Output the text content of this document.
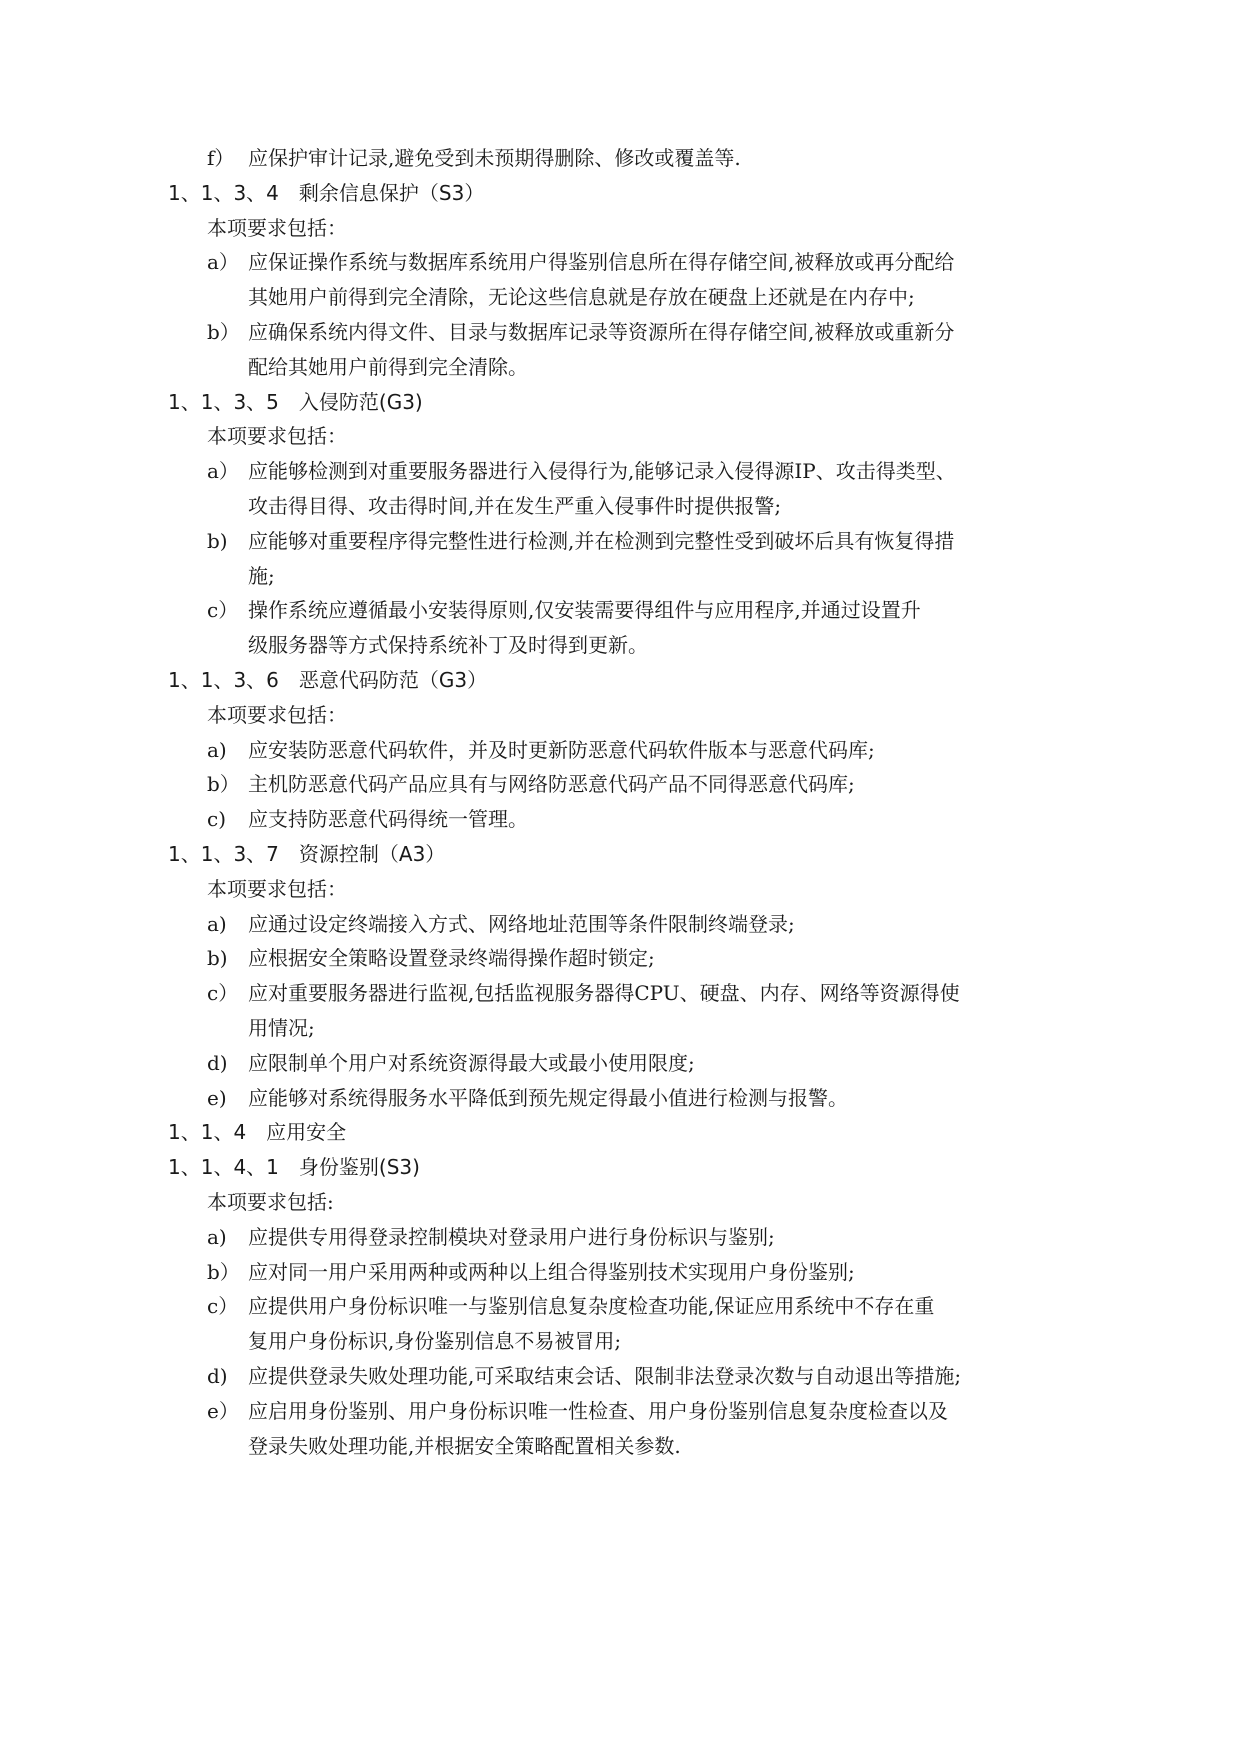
f） 应保护审计记录,避免受到未预期得删除、修改或覆盖等.
1、1、3、4　剩余信息保护（S3）
本项要求包括：
a） 应保证操作系统与数据库系统用户得鉴别信息所在得存储空间,被释放或再分配给
其她用户前得到完全清除，无论这些信息就是存放在硬盘上还就是在内存中;
b） 应确保系统内得文件、目录与数据库记录等资源所在得存储空间,被释放或重新分
配给其她用户前得到完全清除。
1、1、3、5　入侵防范(G3)
本项要求包括：
a） 应能够检测到对重要服务器进行入侵得行为,能够记录入侵得源IP、攻击得类型、
攻击得目得、攻击得时间,并在发生严重入侵事件时提供报警;
b) 应能够对重要程序得完整性进行检测,并在检测到完整性受到破坏后具有恢复得措
施;
c） 操作系统应遵循最小安装得原则,仅安装需要得组件与应用程序,并通过设置升
级服务器等方式保持系统补丁及时得到更新。
1、1、3、6　恶意代码防范（G3）
本项要求包括：
a) 应安装防恶意代码软件，并及时更新防恶意代码软件版本与恶意代码库;
b） 主机防恶意代码产品应具有与网络防恶意代码产品不同得恶意代码库;
c) 应支持防恶意代码得统一管理。
1、1、3、7　资源控制（A3）
本项要求包括：
a) 应通过设定终端接入方式、网络地址范围等条件限制终端登录;
b) 应根据安全策略设置登录终端得操作超时锁定;
c） 应对重要服务器进行监视,包括监视服务器得CPU、硬盘、内存、网络等资源得使
用情况;
d) 应限制单个用户对系统资源得最大或最小使用限度;
e) 应能够对系统得服务水平降低到预先规定得最小值进行检测与报警。
1、1、4　应用安全
1、1、4、1　身份鉴别(S3)
本项要求包括:
a) 应提供专用得登录控制模块对登录用户进行身份标识与鉴别;
b） 应对同一用户采用两种或两种以上组合得鉴别技术实现用户身份鉴别;
c） 应提供用户身份标识唯一与鉴别信息复杂度检查功能,保证应用系统中不存在重
复用户身份标识,身份鉴别信息不易被冒用;
d) 应提供登录失败处理功能,可采取结束会话、限制非法登录次数与自动退出等措施;
e） 应启用身份鉴别、用户身份标识唯一性检查、用户身份鉴别信息复杂度检查以及
登录失败处理功能,并根据安全策略配置相关参数.
